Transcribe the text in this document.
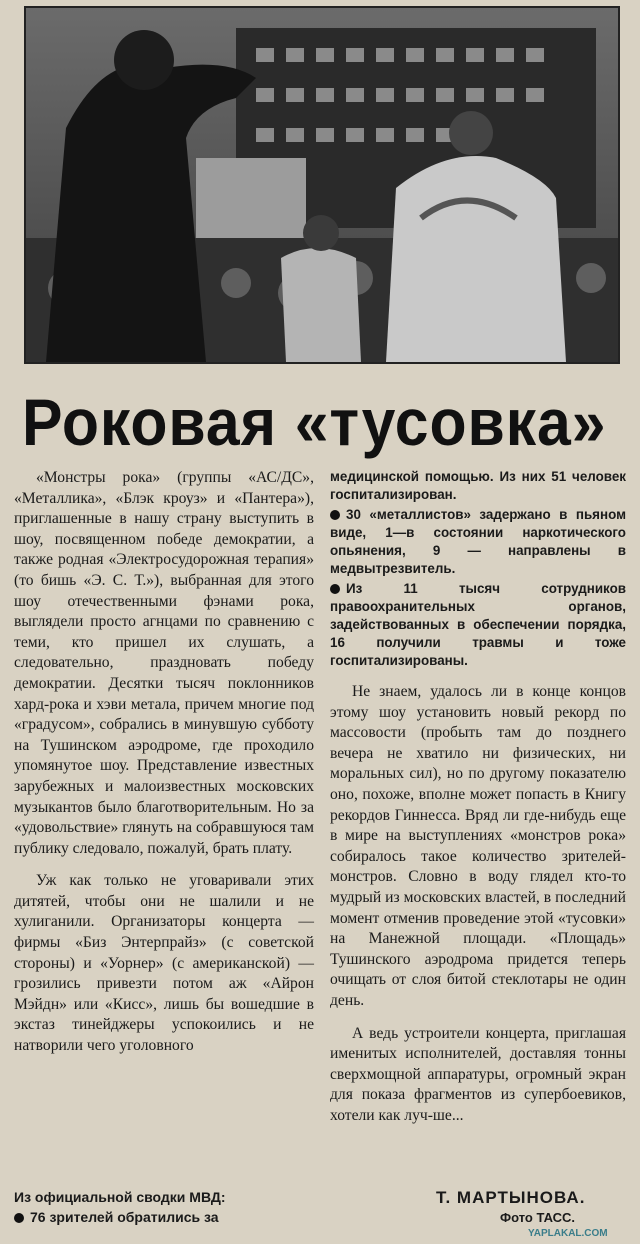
Роковая «тусовка»

«Монстры рока» (группы «АС/ДС», «Металлика», «Блэк кроуз» и «Пантера»), приглашенные в нашу страну выступить в шоу, посвященном победе демократии, а также родная «Электросудорожная терапия» (то бишь «Э. С. Т.»), выбранная для этого шоу отечественными фэнами рока, выглядели просто агнцами по сравнению с теми, кто пришел их слушать, а следовательно, праздновать победу демократии. Десятки тысяч поклонников хард-рока и хэви метала, причем многие под «градусом», собрались в минувшую субботу на Тушинском аэродроме, где проходило упомянутое шоу. Представление известных зарубежных и малоизвестных московских музыкантов было благотворительным. Но за «удовольствие» глянуть на собравшуюся там публику следовало, пожалуй, брать плату.

Уж как только не уговаривали этих дитятей, чтобы они не шалили и не хулиганили. Организаторы концерта — фирмы «Биз Энтерпрайз» (с советской стороны) и «Уорнер» (с американской) — грозились привезти потом аж «Айрон Мэйдн» или «Кисс», лишь бы вошедшие в экстаз тинейджеры успокоились и не натворили чего уголовного

Из официальной сводки МВД:
76 зрителей обратились за

медицинской помощью. Из них 51 человек госпитализирован.

30 «металлистов» задержано в пьяном виде, 1—в состоянии наркотического опьянения, 9 — направлены в медвытрезвитель.

Из 11 тысяч сотрудников правоохранительных органов, задействованных в обеспечении порядка, 16 получили травмы и тоже госпитализированы.

Не знаем, удалось ли в конце концов этому шоу установить новый рекорд по массовости (пробыть там до позднего вечера не хватило ни физических, ни моральных сил), но по другому показателю оно, похоже, вполне может попасть в Книгу рекордов Гиннесса. Вряд ли где-нибудь еще в мире на выступлениях «монстров рока» собиралось такое количество зрителей-монстров. Словно в воду глядел кто-то мудрый из московских властей, в последний момент отменив проведение этой «тусовки» на Манежной площади. «Площадь» Тушинского аэродрома придется теперь очищать от слоя битой стеклотары не один день.

А ведь устроители концерта, приглашая именитых исполнителей, доставляя тонны сверхмощной аппаратуры, огромный экран для показа фрагментов из супербоевиков, хотели как луч-ше...

Т. МАРТЫНОВА.
Фото ТАСС.
YAPLAKAL.COM
